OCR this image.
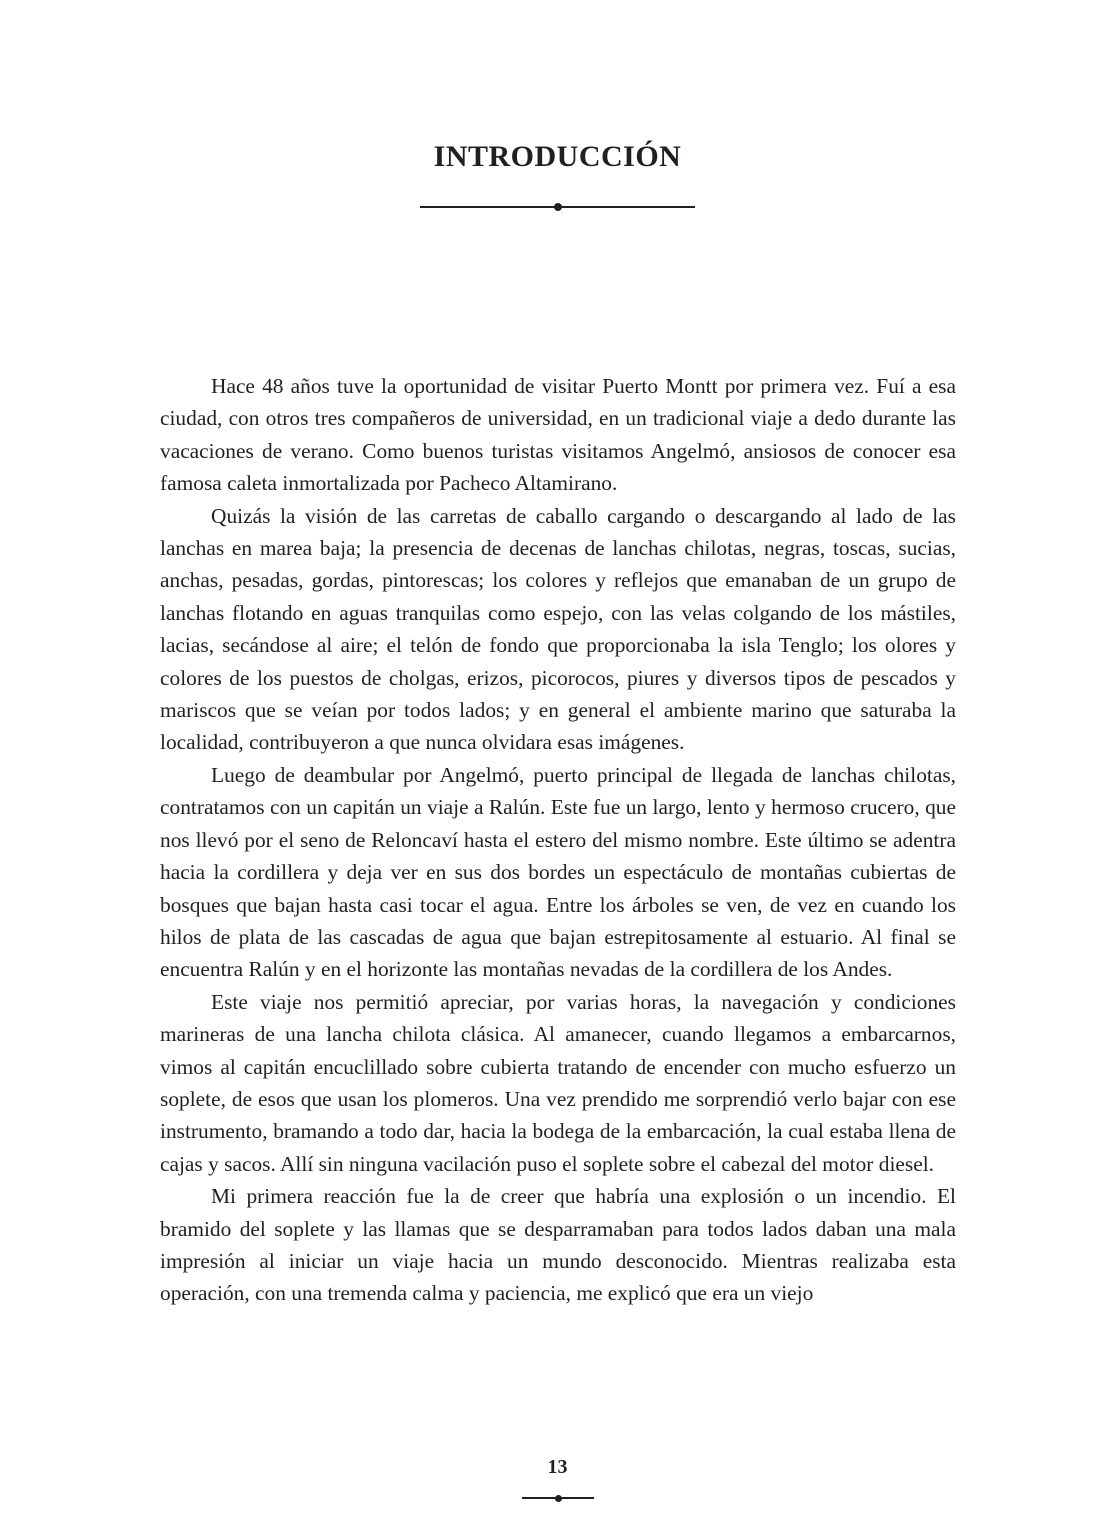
INTRODUCCIÓN

Hace 48 años tuve la oportunidad de visitar Puerto Montt por primera vez. Fuí a esa ciudad, con otros tres compañeros de universidad, en un tradicional viaje a dedo durante las vacaciones de verano. Como buenos turistas visitamos Angelmó, ansiosos de conocer esa famosa caleta inmortalizada por Pacheco Altamirano.

Quizás la visión de las carretas de caballo cargando o descargando al lado de las lanchas en marea baja; la presencia de decenas de lanchas chilotas, negras, toscas, sucias, anchas, pesadas, gordas, pintorescas; los colores y reflejos que emanaban de un grupo de lanchas flotando en aguas tranquilas como espejo, con las velas colgando de los mástiles, lacias, secándose al aire; el telón de fondo que proporcionaba la isla Tenglo; los olores y colores de los puestos de cholgas, erizos, picorocos, piures y diversos tipos de pescados y mariscos que se veían por todos lados; y en general el ambiente marino que saturaba la localidad, contribuyeron a que nunca olvidara esas imágenes.

Luego de deambular por Angelmó, puerto principal de llegada de lanchas chilotas, contratamos con un capitán un viaje a Ralún. Este fue un largo, lento y hermoso crucero, que nos llevó por el seno de Reloncaví hasta el estero del mismo nombre. Este último se adentra hacia la cordillera y deja ver en sus dos bordes un espectáculo de montañas cubiertas de bosques que bajan hasta casi tocar el agua. Entre los árboles se ven, de vez en cuando los hilos de plata de las cascadas de agua que bajan estrepitosamente al estuario. Al final se encuentra Ralún y en el horizonte las montañas nevadas de la cordillera de los Andes.

Este viaje nos permitió apreciar, por varias horas, la navegación y condiciones marineras de una lancha chilota clásica. Al amanecer, cuando llegamos a embarcarnos, vimos al capitán encuclillado sobre cubierta tratando de encender con mucho esfuerzo un soplete, de esos que usan los plomeros. Una vez prendido me sorprendió verlo bajar con ese instrumento, bramando a todo dar, hacia la bodega de la embarcación, la cual estaba llena de cajas y sacos. Allí sin ninguna vacilación puso el soplete sobre el cabezal del motor diesel.

Mi primera reacción fue la de creer que habría una explosión o un incendio. El bramido del soplete y las llamas que se desparramaban para todos lados daban una mala impresión al iniciar un viaje hacia un mundo desconocido. Mientras realizaba esta operación, con una tremenda calma y paciencia, me explicó que era un viejo

13
